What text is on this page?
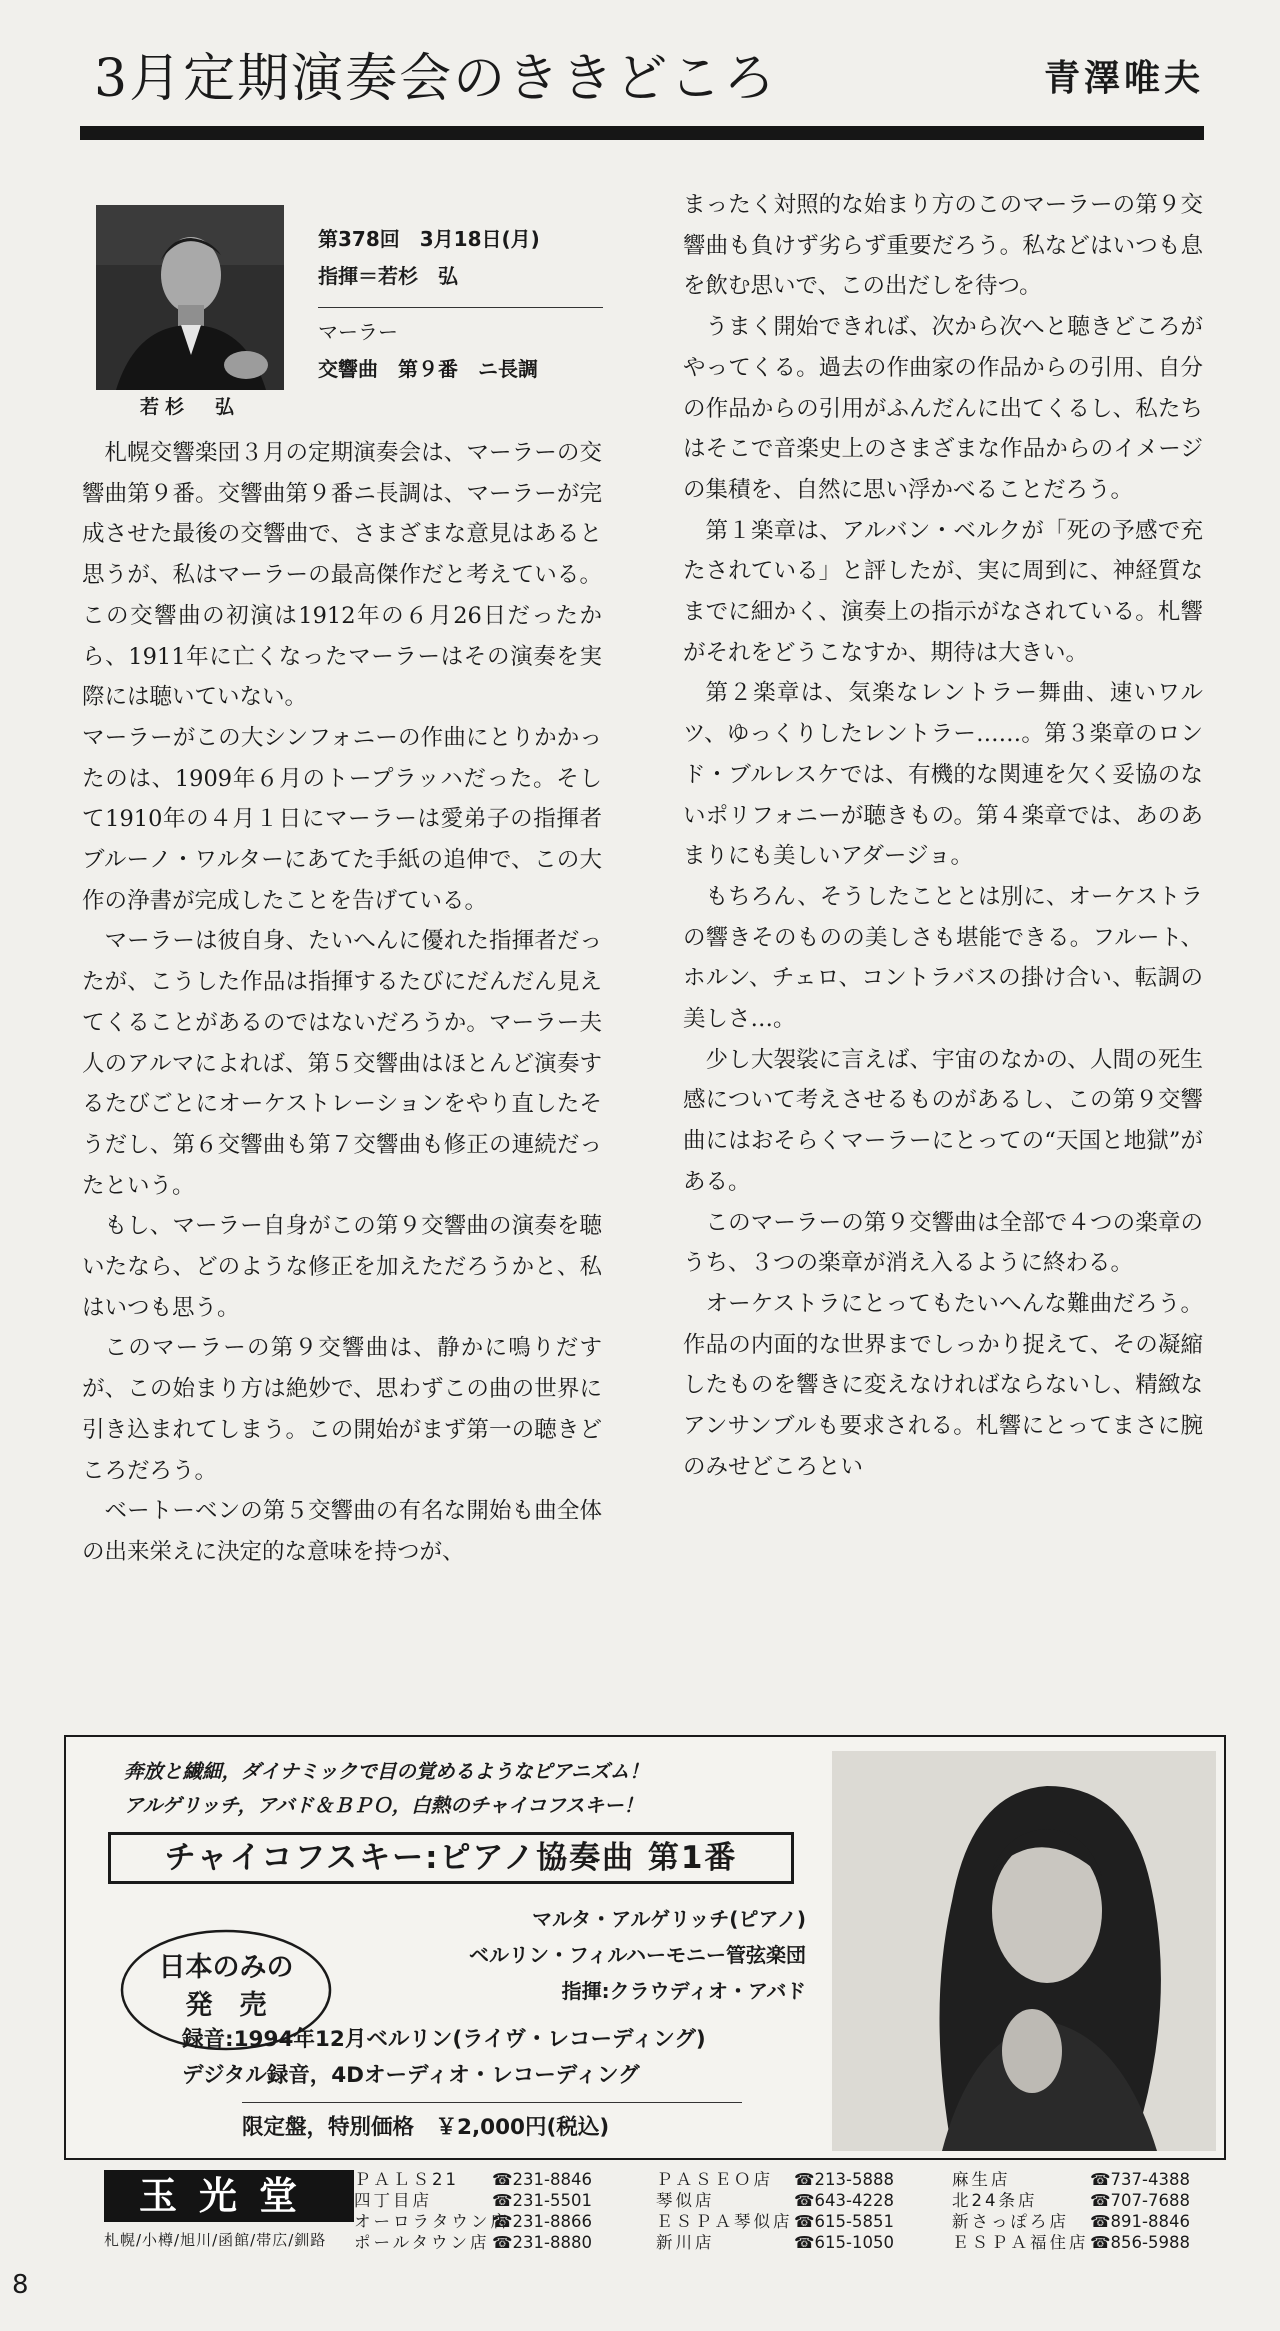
3月定期演奏会のききどころ	青澤唯夫
若杉　弘

第378回　3月18日(月)

指揮＝若杉　弘

マーラー

交響曲　第９番　ニ長調

札幌交響楽団３月の定期演奏会は、マーラーの交響曲第９番。交響曲第９番ニ長調は、マーラーが完成させた最後の交響曲で、さまざまな意見はあると思うが、私はマーラーの最高傑作だと考えている。この交響曲の初演は1912年の６月26日だったから、1911年に亡くなったマーラーはその演奏を実際には聴いていない。

マーラーがこの大シンフォニーの作曲にとりかかったのは、1909年６月のトープラッハだった。そして1910年の４月１日にマーラーは愛弟子の指揮者ブルーノ・ワルターにあてた手紙の追伸で、この大作の浄書が完成したことを告げている。

マーラーは彼自身、たいへんに優れた指揮者だったが、こうした作品は指揮するたびにだんだん見えてくることがあるのではないだろうか。マーラー夫人のアルマによれば、第５交響曲はほとんど演奏するたびごとにオーケストレーションをやり直したそうだし、第６交響曲も第７交響曲も修正の連続だったという。

もし、マーラー自身がこの第９交響曲の演奏を聴いたなら、どのような修正を加えただろうかと、私はいつも思う。

このマーラーの第９交響曲は、静かに鳴りだすが、この始まり方は絶妙で、思わずこの曲の世界に引き込まれてしまう。この開始がまず第一の聴きどころだろう。

ベートーベンの第５交響曲の有名な開始も曲全体の出来栄えに決定的な意味を持つが、

まったく対照的な始まり方のこのマーラーの第９交響曲も負けず劣らず重要だろう。私などはいつも息を飲む思いで、この出だしを待つ。

うまく開始できれば、次から次へと聴きどころがやってくる。過去の作曲家の作品からの引用、自分の作品からの引用がふんだんに出てくるし、私たちはそこで音楽史上のさまざまな作品からのイメージの集積を、自然に思い浮かべることだろう。

第１楽章は、アルバン・ベルクが「死の予感で充たされている」と評したが、実に周到に、神経質なまでに細かく、演奏上の指示がなされている。札響がそれをどうこなすか、期待は大きい。

第２楽章は、気楽なレントラー舞曲、速いワルツ、ゆっくりしたレントラー……。第３楽章のロンド・ブルレスケでは、有機的な関連を欠く妥協のないポリフォニーが聴きもの。第４楽章では、あのあまりにも美しいアダージョ。

もちろん、そうしたこととは別に、オーケストラの響きそのものの美しさも堪能できる。フルート、ホルン、チェロ、コントラバスの掛け合い、転調の美しさ…。

少し大袈裟に言えば、宇宙のなかの、人間の死生感について考えさせるものがあるし、この第９交響曲にはおそらくマーラーにとっての“天国と地獄”がある。

このマーラーの第９交響曲は全部で４つの楽章のうち、３つの楽章が消え入るように終わる。

オーケストラにとってもたいへんな難曲だろう。作品の内面的な世界までしっかり捉えて、その凝縮したものを響きに変えなければならないし、精緻なアンサンブルも要求される。札響にとってまさに腕のみせどころとい

奔放と繊細，ダイナミックで目の覚めるようなピアニズム！

アルゲリッチ，アバド＆ＢＰＯ，白熱のチャイコフスキー！

チャイコフスキー:ピアノ協奏曲 第1番
日本のみの
発　売

マルタ・アルゲリッチ(ピアノ)

ベルリン・フィルハーモニー管弦楽団

指揮:クラウディオ・アバド

録音:1994年12月ベルリン(ライヴ・レコーディング)

デジタル録音，4Dオーディオ・レコーディング

限定盤，特別価格　￥2,000円(税込)
玉光堂
札幌/小樽/旭川/函館/帯広/釧路
ＰＡＬＳ21 ☎231-8846
四丁目店	☎231-5501
オーロラタウン店☎231-8866
ポールタウン店 ☎231-8880
ＰＡＳＥＯ店 ☎213-5888
琴似店	☎643-4228
ＥＳＰＡ琴似店☎615-5851
新川店	☎615-1050
麻生店	☎737-4388
北24条店	☎707-7688
新さっぽろ店 ☎891-8846
ＥＳＰＡ福住店☎856-5988
8
